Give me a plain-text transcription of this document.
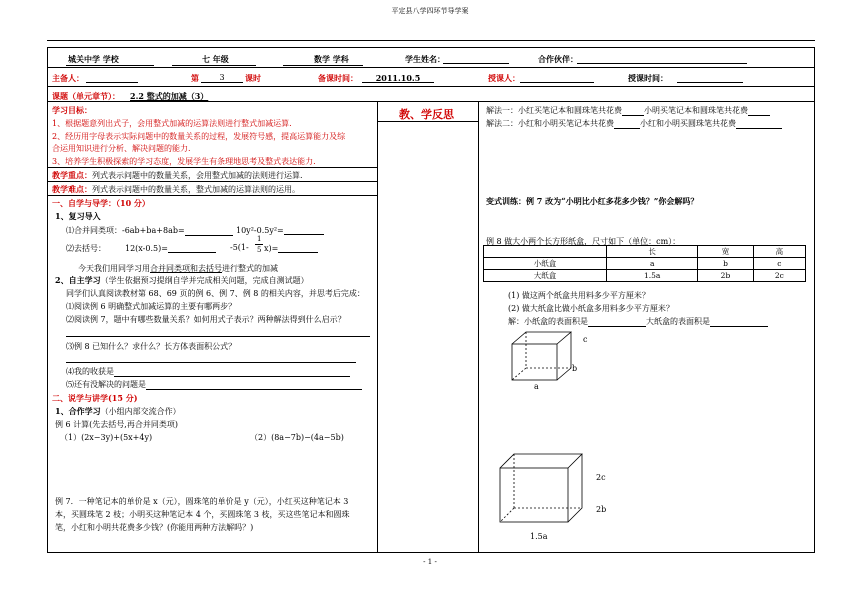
平定县八学四环节导学案
城关中学 学校	七 年级	数学 学科	学生姓名：	合作伙伴：
主备人：	第	3	课时	备课时间：	2011.10.5	授课人：	授课时间：
课题（单元章节）： 2.2 整式的加减（3）
学习目标：
1、根据题意列出式子，会用整式加减的运算法则进行整式加减运算.
2、经历用字母表示实际问题中的数量关系的过程，发展符号感，提高运算能力及综
合运用知识进行分析、解决问题的能力.
3、培养学生积极探索的学习态度，发展学生有条理地思考及整式表达能力.
教学重点：列式表示问题中的数量关系，会用整式加减的法则进行运算.
教学难点：列式表示问题中的数量关系，整式加减的运算法则的运用。
一、自学与导学：（10 分）
1、复习导入
⑴合并同类项：-6ab+ba+8ab=	10y²-0.5y²=
⑵去括号： 12(x-0.5)=	-5(1-
1
5 x)=
今天我们用同学习用合并同类项和去括号进行整式的加减
2、自主学习（学生依据预习提纲自学并完成相关问题，完成自测试题）
同学们认真阅读教材第 68、69 页的例 6、例 7、例 8 的相关内容，并思考后完成：
⑴阅读例 6 明确整式加减运算的主要有哪两步？
⑵阅读例 7，题中有哪些数量关系？如何用式子表示？两种解法得到什么启示？
⑶例 8 已知什么？求什么？长方体表面积公式？
⑷我的收获是
⑸还有没解决的问题是
二、说学与讲学(15 分)
1、合作学习（小组内部交流合作）
例 6 计算(先去括号,再合并同类项)
（1）(2x−3y)+(5x+4y)	（2）(8a−7b)−(4a−5b)
例 7．一种笔记本的单价是 x（元），圆珠笔的单价是 y（元），小红买这种笔记本 3
本，买圆珠笔 2 枝；小明买这种笔记本 4 个，买圆珠笔 3 枝，买这些笔记本和圆珠
笔，小红和小明共花费多少钱？(你能用两种方法解吗？)
教、学反思	解法一：小红买笔记本和圆珠笔共花费	小明买笔记本和圆珠笔共花费
解法二：小红和小明买笔记本共花费	小红和小明买圆珠笔共花费
变式训练：例 7 改为“小明比小红多花多少钱？”你会解吗？
例 8 做大小两个长方形纸盒，尺寸如下（单位：cm）：
	长	宽	高
小纸盒	a	b	c
大纸盒	1.5a	2b	2c
(1) 做这两个纸盒共用料多少平方厘米？
(2) 做大纸盒比做小纸盒多用料多少平方厘米？
解：小纸盒的表面积是	大纸盒的表面积是
c
b
a
2c
2b
1.5a
- 1 -
